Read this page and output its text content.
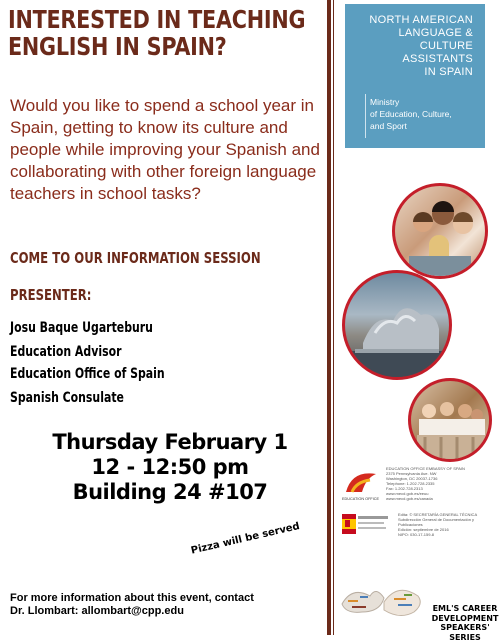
INTERESTED IN TEACHING
ENGLISH IN SPAIN?
Would you like to spend a school year in Spain, getting to know its culture and people while improving your Spanish and collaborating with other foreign language teachers in school tasks?
COME TO OUR INFORMATION SESSION
PRESENTER:
Josu Baque Ugarteburu
Education Advisor
Education Office of Spain
Spanish Consulate
Thursday February 1
12 - 12:50 pm
Building 24 #107
Pizza will be served
For more information about this event, contact
Dr. Llombart: allombart@cpp.edu
NORTH AMERICAN
LANGUAGE &
CULTURE
ASSISTANTS
IN SPAIN
Ministry
of Education, Culture,
and Sport
EDUCATION OFFICE
EDUCATION OFFICE EMBASSY OF SPAIN
2375 Pennsylvania Ave. NW
Washington, DC 20037-1736
Telephone: 1.202.728.2335
Fax: 1.202.728.2313
www.mecd.gob.es/eeuu
www.mecd.gob.es/canada
Edita: © SECRETARÍA GENERAL TÉCNICA
Subdirección General de Documentación y
Publicaciones
Edición: septiembre de 2016
NIPO: 030-17-159-8
EML'S CAREER
DEVELOPMENT
SPEAKERS' SERIES
